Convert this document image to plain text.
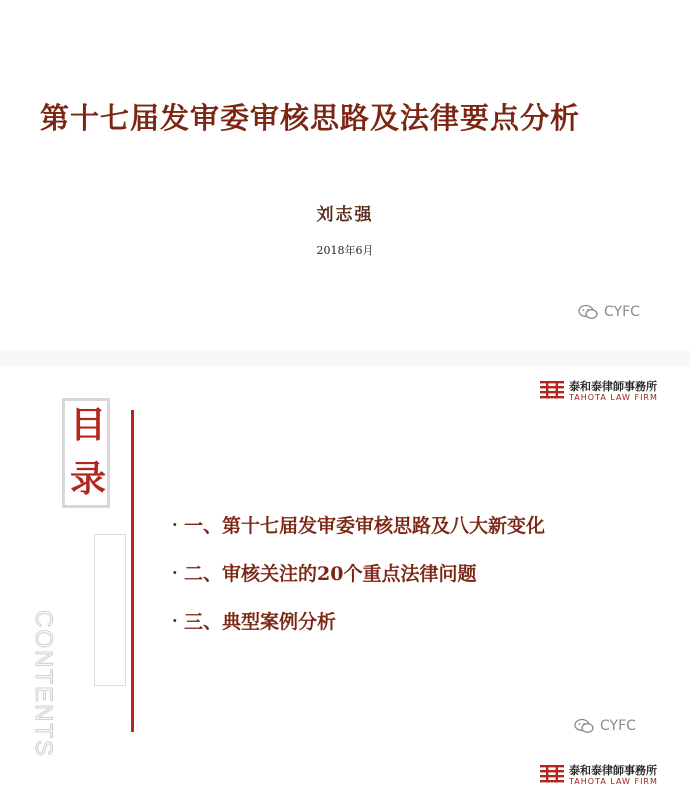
第十七届发审委审核思路及法律要点分析
刘志强
2018年6月
CYFC
泰和泰律師事務所
TAHOTA LAW FIRM
目
录
CONTENTS
· 一、第十七届发审委审核思路及八大新变化
· 二、审核关注的20个重点法律问题
· 三、典型案例分析
CYFC
泰和泰律師事務所
TAHOTA LAW FIRM
